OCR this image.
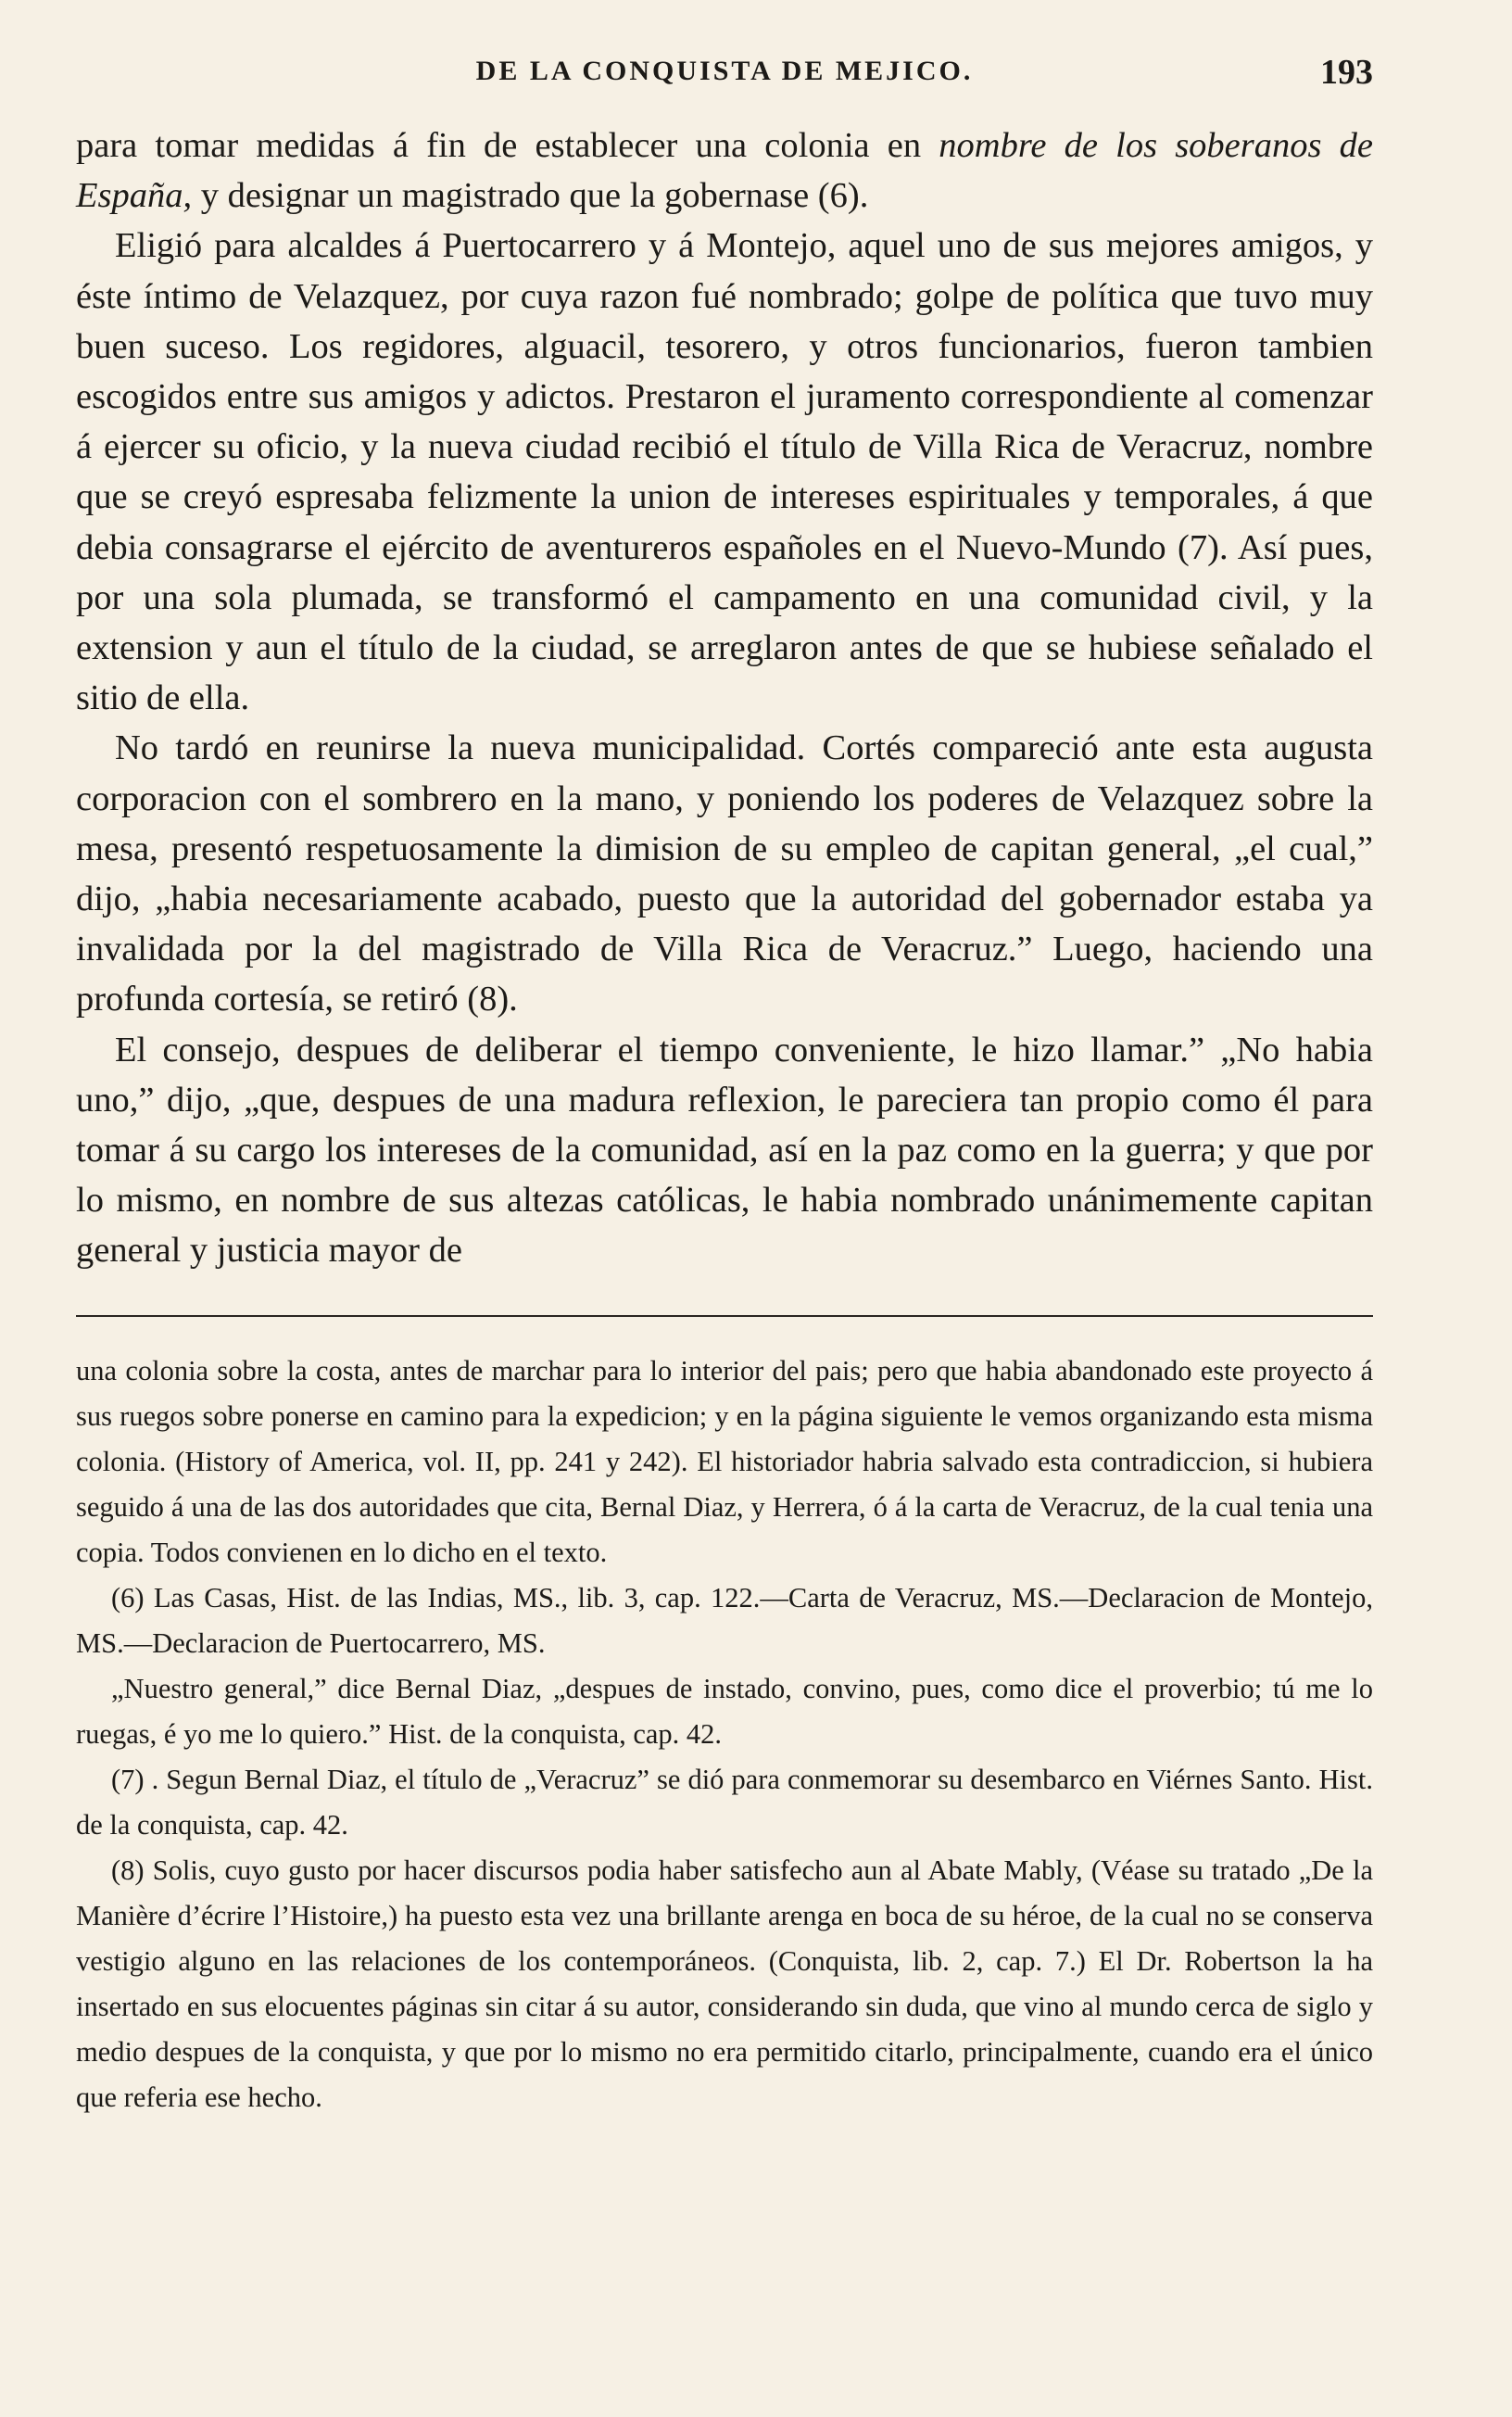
DE LA CONQUISTA DE MEJICO.	193

para tomar medidas á fin de establecer una colonia en nombre de los soberanos de España, y designar un magistrado que la gobernase (6).

Eligió para alcaldes á Puertocarrero y á Montejo, aquel uno de sus mejores amigos, y éste íntimo de Velazquez, por cuya razon fué nombrado; golpe de política que tuvo muy buen suceso. Los regidores, alguacil, tesorero, y otros funcionarios, fueron tambien escogidos entre sus amigos y adictos. Prestaron el juramento correspondiente al comenzar á ejercer su oficio, y la nueva ciudad recibió el título de Villa Rica de Veracruz, nombre que se creyó espresaba felizmente la union de intereses espirituales y temporales, á que debia consagrarse el ejército de aventureros españoles en el Nuevo-Mundo (7). Así pues, por una sola plumada, se transformó el campamento en una comunidad civil, y la extension y aun el título de la ciudad, se arreglaron antes de que se hubiese señalado el sitio de ella.

No tardó en reunirse la nueva municipalidad. Cortés compareció ante esta augusta corporacion con el sombrero en la mano, y poniendo los poderes de Velazquez sobre la mesa, presentó respetuosamente la dimision de su empleo de capitan general, „el cual,” dijo, „habia necesariamente acabado, puesto que la autoridad del gobernador estaba ya invalidada por la del magistrado de Villa Rica de Veracruz.” Luego, haciendo una profunda cortesía, se retiró (8).

El consejo, despues de deliberar el tiempo conveniente, le hizo llamar.” „No habia uno,” dijo, „que, despues de una madura reflexion, le pareciera tan propio como él para tomar á su cargo los intereses de la comunidad, así en la paz como en la guerra; y que por lo mismo, en nombre de sus altezas católicas, le habia nombrado unánimemente capitan general y justicia mayor de

una colonia sobre la costa, antes de marchar para lo interior del pais; pero que habia abandonado este proyecto á sus ruegos sobre ponerse en camino para la expedicion; y en la página siguiente le vemos organizando esta misma colonia. (History of America, vol. II, pp. 241 y 242). El historiador habria salvado esta contradiccion, si hubiera seguido á una de las dos autoridades que cita, Bernal Diaz, y Herrera, ó á la carta de Veracruz, de la cual tenia una copia. Todos convienen en lo dicho en el texto.

(6) Las Casas, Hist. de las Indias, MS., lib. 3, cap. 122.—Carta de Veracruz, MS.—Declaracion de Montejo, MS.—Declaracion de Puertocarrero, MS.

„Nuestro general,” dice Bernal Diaz, „despues de instado, convino, pues, como dice el proverbio; tú me lo ruegas, é yo me lo quiero.” Hist. de la conquista, cap. 42.

(7) . Segun Bernal Diaz, el título de „Veracruz” se dió para conmemorar su desembarco en Viérnes Santo. Hist. de la conquista, cap. 42.

(8) Solis, cuyo gusto por hacer discursos podia haber satisfecho aun al Abate Mably, (Véase su tratado „De la Manière d’écrire l’Histoire,) ha puesto esta vez una brillante arenga en boca de su héroe, de la cual no se conserva vestigio alguno en las relaciones de los contemporáneos. (Conquista, lib. 2, cap. 7.) El Dr. Robertson la ha insertado en sus elocuentes páginas sin citar á su autor, considerando sin duda, que vino al mundo cerca de siglo y medio despues de la conquista, y que por lo mismo no era permitido citarlo, principalmente, cuando era el único que referia ese hecho.
